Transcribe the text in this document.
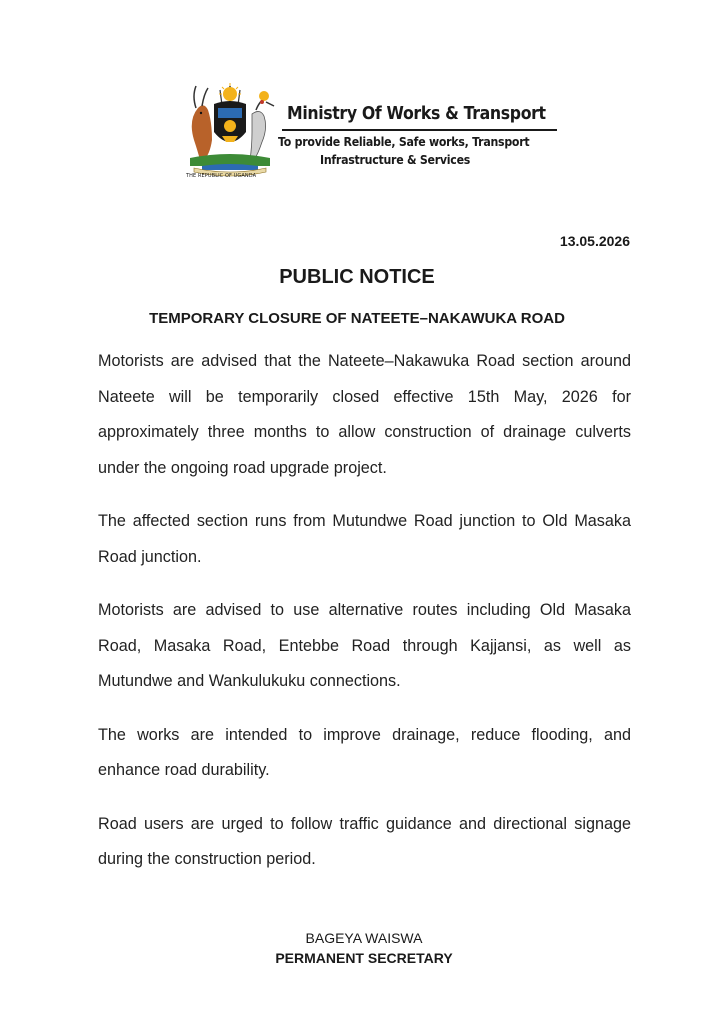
THE REPUBLIC OF UGANDA
Ministry Of Works & Transport
To provide Reliable, Safe works, Transport
Infrastructure & Services
13.05.2026
PUBLIC NOTICE
TEMPORARY CLOSURE OF NATEETE–NAKAWUKA ROAD

Motorists are advised that the Nateete–Nakawuka Road section around Nateete will be temporarily closed effective 15th May, 2026 for approximately three months to allow construction of drainage culverts under the ongoing road upgrade project.

The affected section runs from Mutundwe Road junction to Old Masaka Road junction.

Motorists are advised to use alternative routes including Old Masaka Road, Masaka Road, Entebbe Road through Kajjansi, as well as Mutundwe and Wankulukuku connections.

The works are intended to improve drainage, reduce flooding, and enhance road durability.

Road users are urged to follow traffic guidance and directional signage during the construction period.

BAGEYA WAISWA
PERMANENT SECRETARY
